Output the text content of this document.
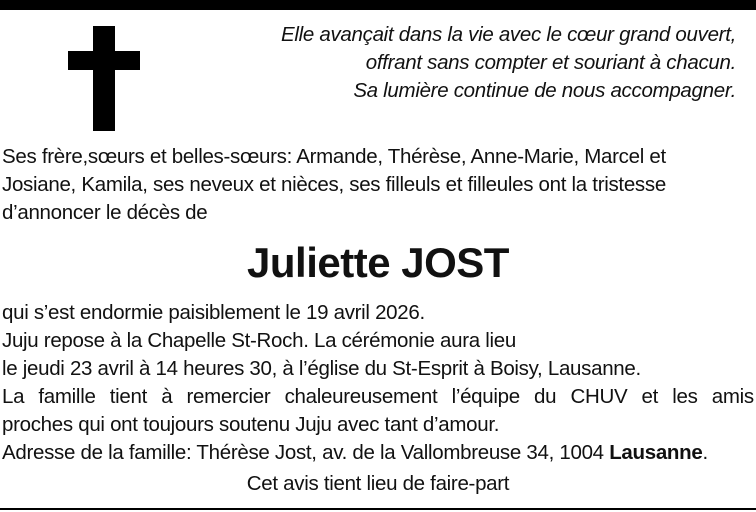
Elle avançait dans la vie avec le cœur grand ouvert,
offrant sans compter et souriant à chacun.
Sa lumière continue de nous accompagner.
Ses frère,sœurs et belles-sœurs: Armande, Thérèse, Anne-Marie, Marcel et
Josiane, Kamila, ses neveux et nièces, ses filleuls et filleules ont la tristesse
d’annoncer le décès de
Juliette JOST
qui s’est endormie paisiblement le 19 avril 2026.
Juju repose à la Chapelle St-Roch. La cérémonie aura lieu
le jeudi 23 avril à 14 heures 30, à l’église du St-Esprit à Boisy, Lausanne.
La famille tient à remercier chaleureusement l’équipe du CHUV et les amis
proches qui ont toujours soutenu Juju avec tant d’amour.
Adresse de la famille: Thérèse Jost, av. de la Vallombreuse 34, 1004 Lausanne.
Cet avis tient lieu de faire-part
